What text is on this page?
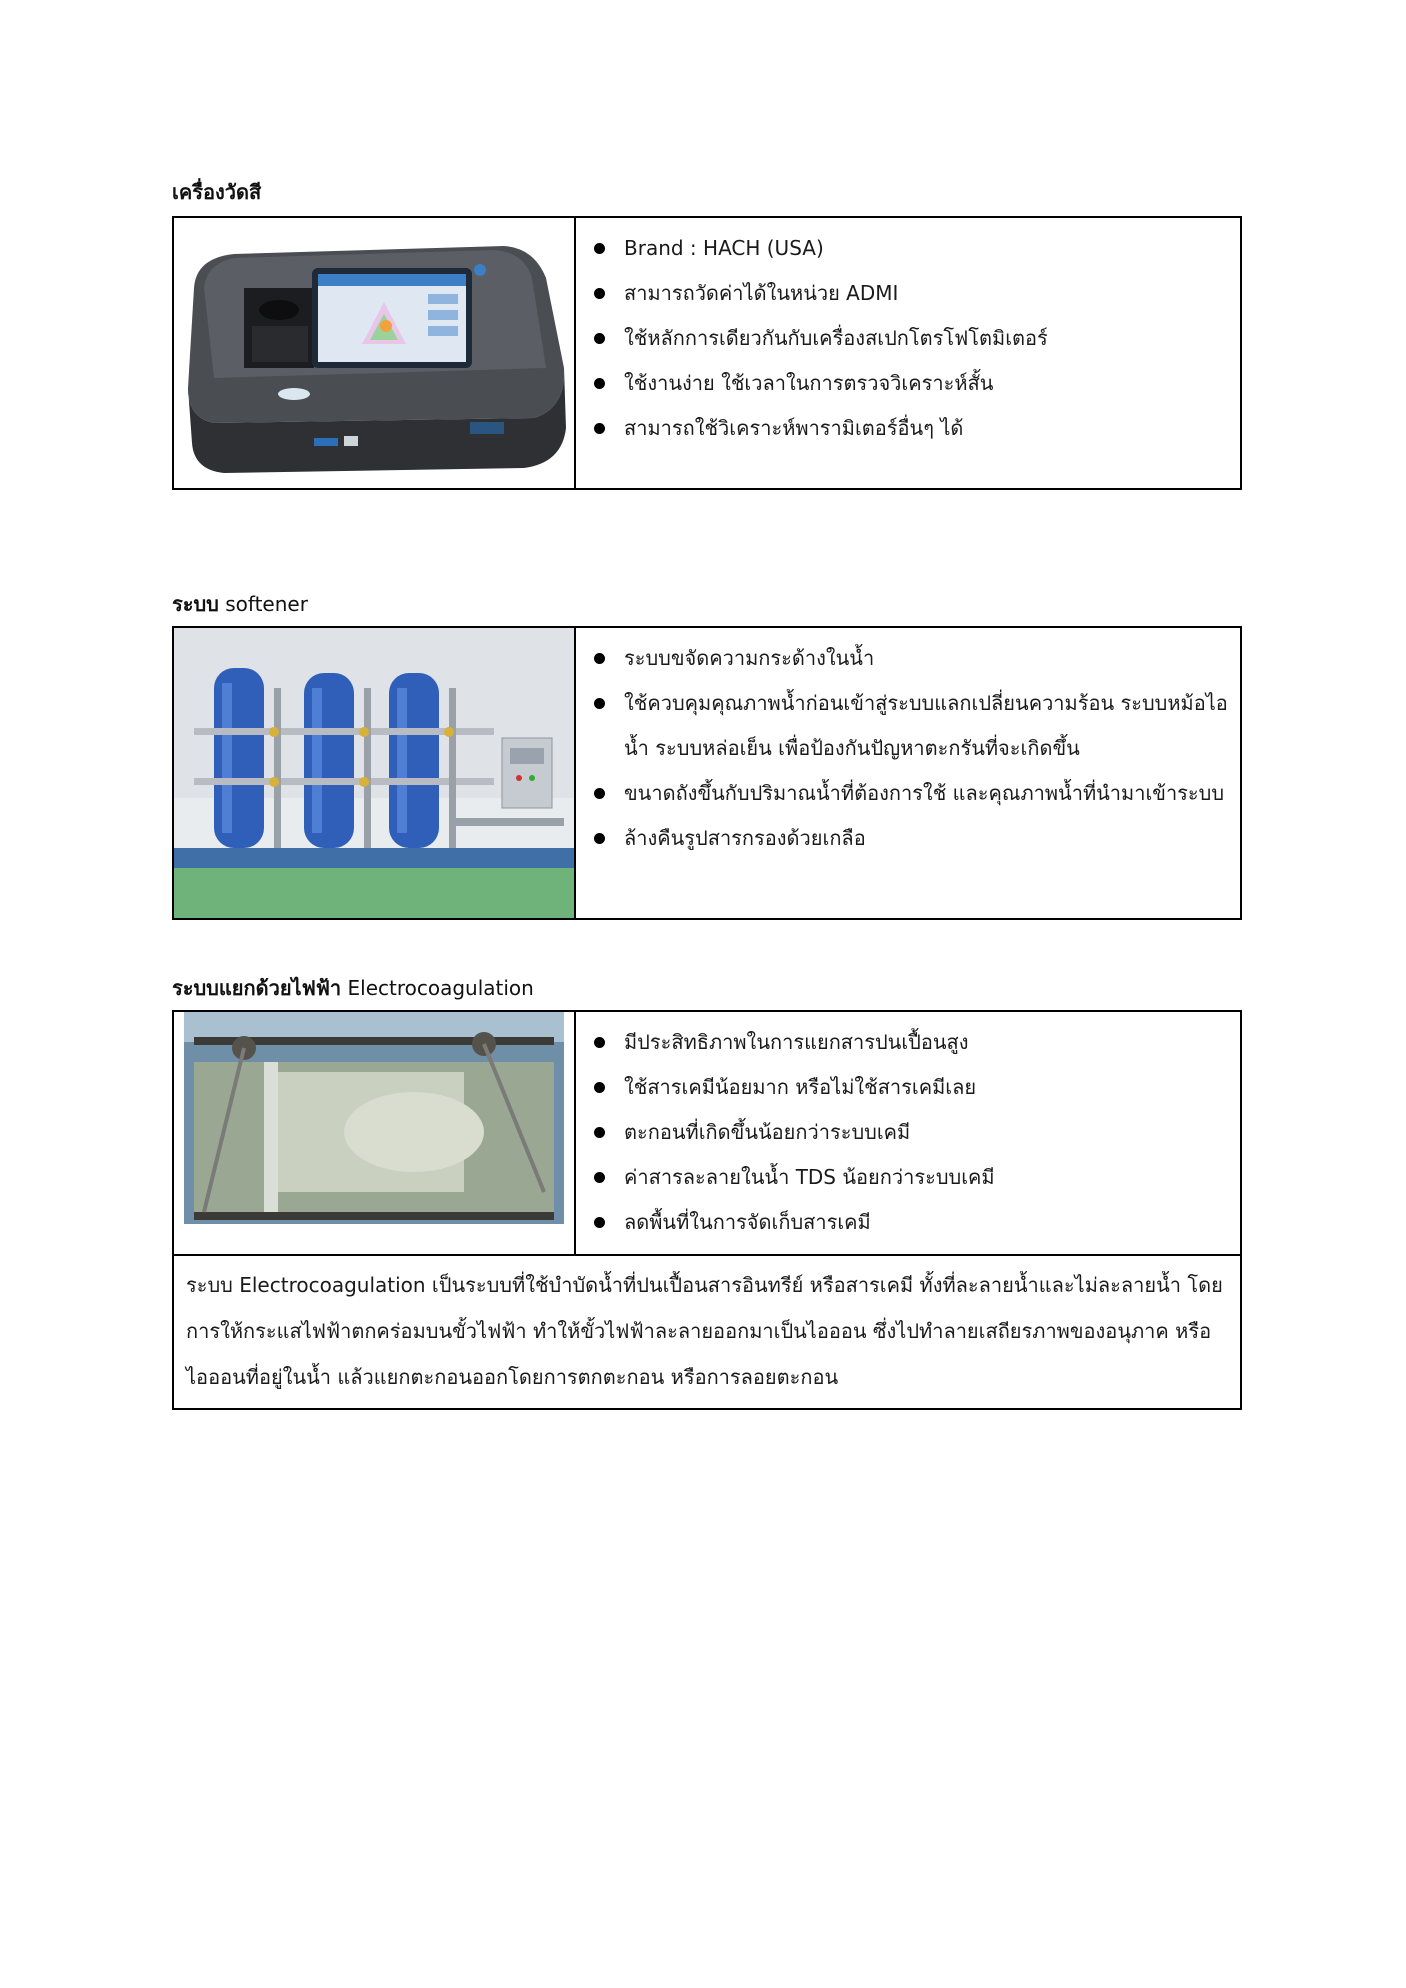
เครื่องวัดสี
Brand : HACH (USA)
สามารถวัดค่าได้ในหน่วย ADMI
ใช้หลักการเดียวกันกับเครื่องสเปกโตรโฟโตมิเตอร์
ใช้งานง่าย ใช้เวลาในการตรวจวิเคราะห์สั้น
สามารถใช้วิเคราะห์พารามิเตอร์อื่นๆ ได้
ระบบ softener
ระบบขจัดความกระด้างในน้ำ
ใช้ควบคุมคุณภาพน้ำก่อนเข้าสู่ระบบแลกเปลี่ยนความร้อน ระบบหม้อไอน้ำ ระบบหล่อเย็น เพื่อป้องกันปัญหาตะกรันที่จะเกิดขึ้น
ขนาดถังขึ้นกับปริมาณน้ำที่ต้องการใช้ และคุณภาพน้ำที่นำมาเข้าระบบ
ล้างคืนรูปสารกรองด้วยเกลือ
ระบบแยกด้วยไฟฟ้า Electrocoagulation
มีประสิทธิภาพในการแยกสารปนเปื้อนสูง
ใช้สารเคมีน้อยมาก หรือไม่ใช้สารเคมีเลย
ตะกอนที่เกิดขึ้นน้อยกว่าระบบเคมี
ค่าสารละลายในน้ำ TDS น้อยกว่าระบบเคมี
ลดพื้นที่ในการจัดเก็บสารเคมี
ระบบ Electrocoagulation เป็นระบบที่ใช้บำบัดน้ำที่ปนเปื้อนสารอินทรีย์ หรือสารเคมี ทั้งที่ละลายน้ำและไม่ละลายน้ำ โดยการให้กระแสไฟฟ้าตกคร่อมบนขั้วไฟฟ้า ทำให้ขั้วไฟฟ้าละลายออกมาเป็นไอออน ซึ่งไปทำลายเสถียรภาพของอนุภาค หรือไอออนที่อยู่ในน้ำ แล้วแยกตะกอนออกโดยการตกตะกอน หรือการลอยตะกอน
